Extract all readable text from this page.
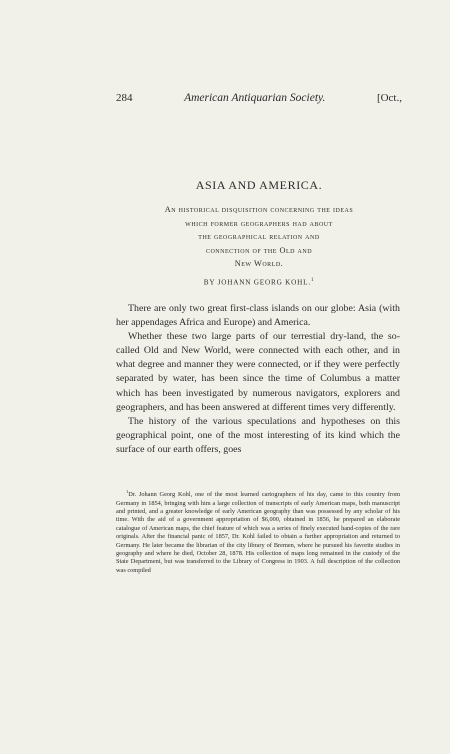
284	American Antiquarian Society.	[Oct.,
ASIA AND AMERICA.
An historical disquisition concerning the ideas
which former geographers had about
the geographical relation and
connection of the Old and
New World.
BY JOHANN GEORG KOHL.$^1$

There are only two great first-class islands on our globe: Asia (with her appendages Africa and Europe) and America.

Whether these two large parts of our terrestial dry-land, the so-called Old and New World, were connected with each other, and in what degree and manner they were connected, or if they were perfectly separated by water, has been since the time of Columbus a matter which has been investigated by numerous navigators, explorers and geographers, and has been answered at different times very differently.

The history of the various speculations and hypotheses on this geographical point, one of the most interesting of its kind which the surface of our earth offers, goes

$^1$Dr. Johann Georg Kohl, one of the most learned cartographers of his day, came to this country from Germany in 1854, bringing with him a large collection of transcripts of early American maps, both manuscript and printed, and a greater knowledge of early American geography than was possessed by any scholar of his time. With the aid of a government appropriation of $6,000, obtained in 1856, he prepared an elaborate catalogue of American maps, the chief feature of which was a series of finely executed hand-copies of the rare originals. After the financial panic of 1857, Dr. Kohl failed to obtain a further appropriation and returned to Germany. He later became the librarian of the city library of Bremen, where he pursued his favorite studies in geography and where he died, October 28, 1878. His collection of maps long remained in the custody of the State Department, but was transferred to the Library of Congress in 1903. A full description of the collection was compiled
